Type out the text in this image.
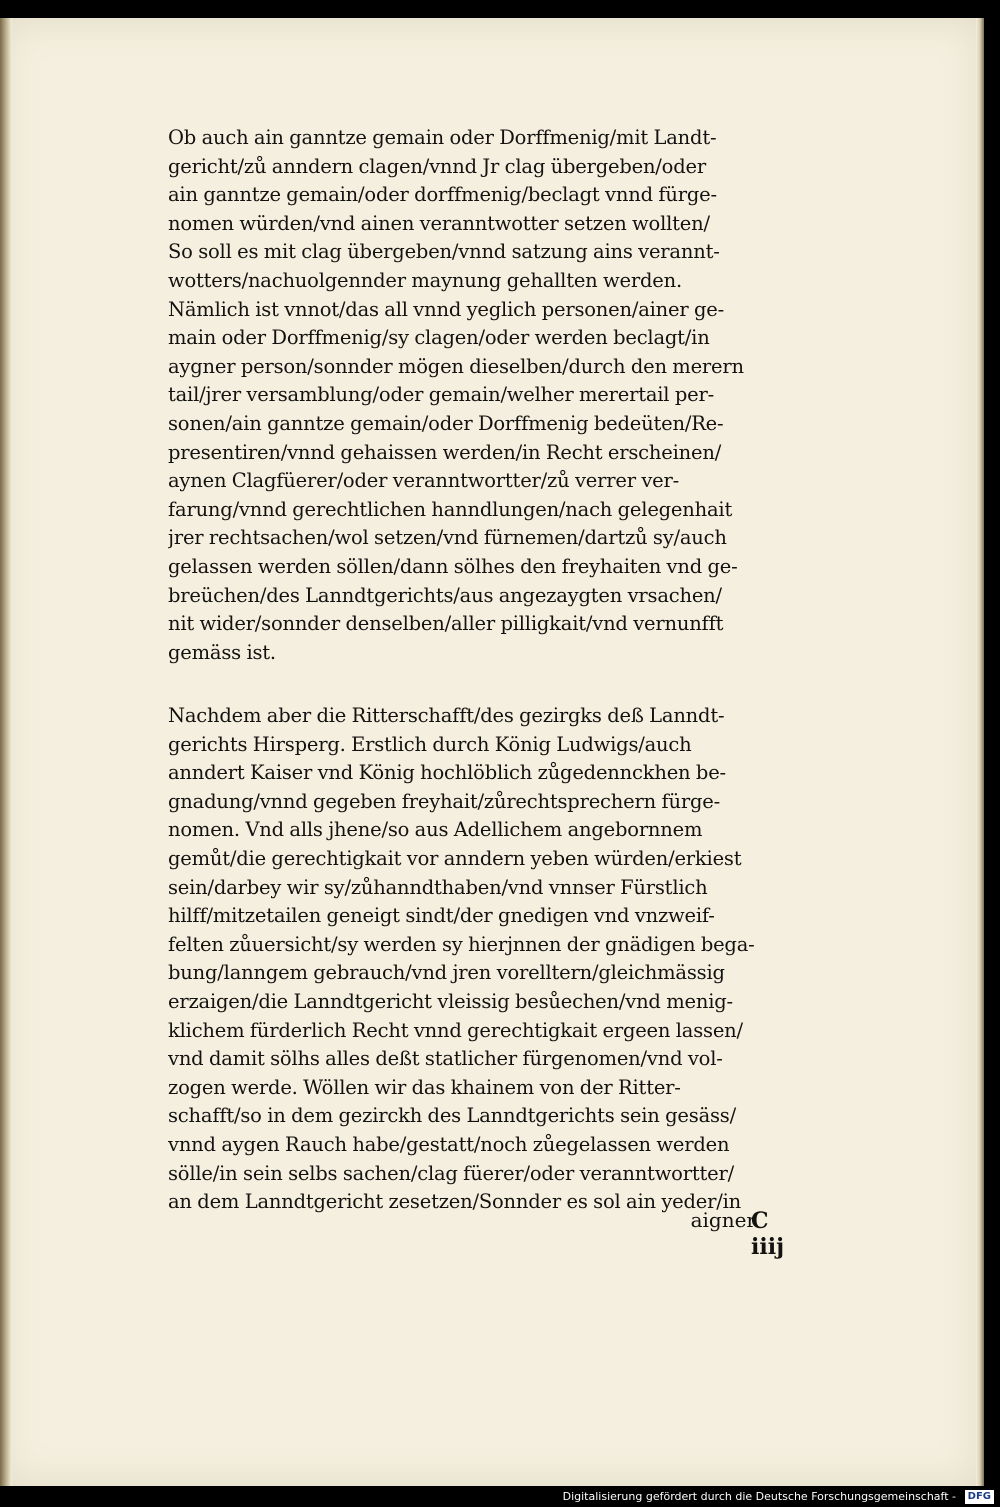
Ob auch ain ganntze gemain oder Dorffmenig/mit Landt-
gericht/zů anndern clagen/vnnd Jr clag übergeben/oder
ain ganntze gemain/oder dorffmenig/beclagt vnnd fürge-
nomen würden/vnd ainen veranntwotter setzen wollten/
So soll es mit clag übergeben/vnnd satzung ains verannt-
wotters/nachuolgennder maynung gehallten werden.
Nämlich ist vnnot/das all vnnd yeglich personen/ainer ge-
main oder Dorffmenig/sy clagen/oder werden beclagt/in
aygner person/sonnder mögen dieselben/durch den merern
tail/jrer versamblung/oder gemain/welher merertail per-
sonen/ain ganntze gemain/oder Dorffmenig bedeüten/Re-
presentiren/vnnd gehaissen werden/in Recht erscheinen/
aynen Clagfüerer/oder veranntwortter/zů verrer ver-
farung/vnnd gerechtlichen hanndlungen/nach gelegenhait
jrer rechtsachen/wol setzen/vnd fürnemen/dartzů sy/auch
gelassen werden söllen/dann sölhes den freyhaiten vnd ge-
breüchen/des Lanndtgerichts/aus angezaygten vrsachen/
nit wider/sonnder denselben/aller pilligkait/vnd vernunfft
gemäss ist.
Nachdem aber die Ritterschafft/des gezirgks deß Lanndt-
gerichts Hirsperg. Erstlich durch König Ludwigs/auch
anndert Kaiser vnd König hochlöblich zůgedennckhen be-
gnadung/vnnd gegeben freyhait/zůrechtsprechern fürge-
nomen. Vnd alls jhene/so aus Adellichem angebornnem
gemůt/die gerechtigkait vor anndern yeben würden/erkiest
sein/darbey wir sy/zůhanndthaben/vnd vnnser Fürstlich
hilff/mitzetailen geneigt sindt/der gnedigen vnd vnzweif-
felten zůuersicht/sy werden sy hierjnnen der gnädigen bega-
bung/lanngem gebrauch/vnd jren vorelltern/gleichmässig
erzaigen/die Lanndtgericht vleissig besůechen/vnd menig-
klichem fürderlich Recht vnnd gerechtigkait ergeen lassen/
vnd damit sölhs alles deßt statlicher fürgenomen/vnd vol-
zogen werde. Wöllen wir das khainem von der Ritter-
schafft/so in dem gezirckh des Lanndtgerichts sein gesäss/
vnnd aygen Rauch habe/gestatt/noch zůegelassen werden
sölle/in sein selbs sachen/clag füerer/oder veranntwortter/
an dem Lanndtgericht zesetzen/Sonnder es sol ain yeder/in
C iiij
aigner
Digitalisierung gefördert durch die Deutsche Forschungsgemeinschaft -	DFG
